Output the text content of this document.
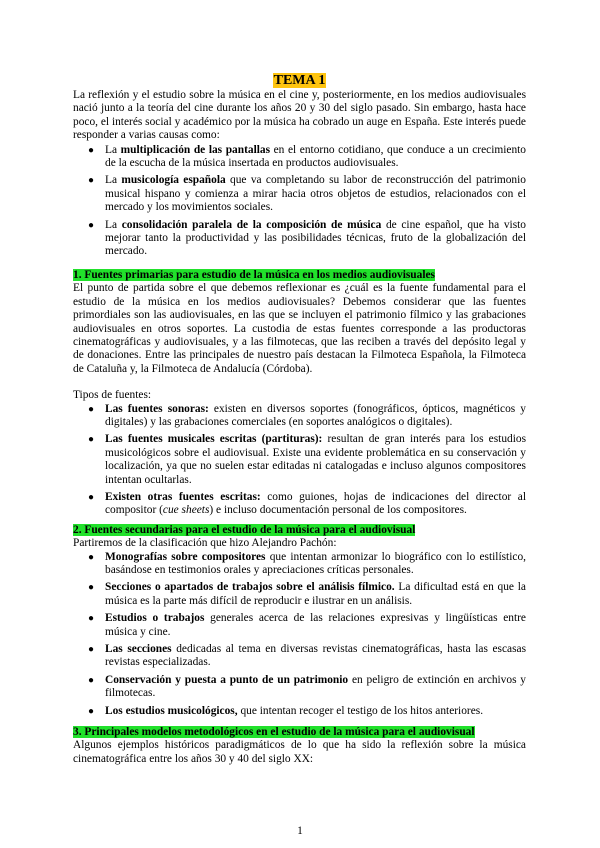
TEMA 1

La reflexión y el estudio sobre la música en el cine y, posteriormente, en los medios audiovisuales nació junto a la teoría del cine durante los años 20 y 30 del siglo pasado. Sin embargo, hasta hace poco, el interés social y académico por la música ha cobrado un auge en España. Este interés puede responder a varias causas como:

● La multiplicación de las pantallas en el entorno cotidiano, que conduce a un crecimiento de la escucha de la música insertada en productos audiovisuales.
● La musicología española que va completando su labor de reconstrucción del patrimonio musical hispano y comienza a mirar hacia otros objetos de estudios, relacionados con el mercado y los movimientos sociales.
● La consolidación paralela de la composición de música de cine español, que ha visto mejorar tanto la productividad y las posibilidades técnicas, fruto de la globalización del mercado.
1. Fuentes primarias para estudio de la música en los medios audiovisuales

El punto de partida sobre el que debemos reflexionar es ¿cuál es la fuente fundamental para el estudio de la música en los medios audiovisuales? Debemos considerar que las fuentes primordiales son las audiovisuales, en las que se incluyen el patrimonio fílmico y las grabaciones audiovisuales en otros soportes. La custodia de estas fuentes corresponde a las productoras cinematográficas y audiovisuales, y a las filmotecas, que las reciben a través del depósito legal y de donaciones. Entre las principales de nuestro país destacan la Filmoteca Española, la Filmoteca de Cataluña y, la Filmoteca de Andalucía (Córdoba).

Tipos de fuentes:

● Las fuentes sonoras: existen en diversos soportes (fonográficos, ópticos, magnéticos y digitales) y las grabaciones comerciales (en soportes analógicos o digitales).
● Las fuentes musicales escritas (partituras): resultan de gran interés para los estudios musicológicos sobre el audiovisual. Existe una evidente problemática en su conservación y localización, ya que no suelen estar editadas ni catalogadas e incluso algunos compositores intentan ocultarlas.
● Existen otras fuentes escritas: como guiones, hojas de indicaciones del director al compositor (cue sheets) e incluso documentación personal de los compositores.
2. Fuentes secundarias para el estudio de la música para el audiovisual

Partiremos de la clasificación que hizo Alejandro Pachón:

● Monografías sobre compositores que intentan armonizar lo biográfico con lo estilístico, basándose en testimonios orales y apreciaciones críticas personales.
● Secciones o apartados de trabajos sobre el análisis fílmico. La dificultad está en que la música es la parte más difícil de reproducir e ilustrar en un análisis.
● Estudios o trabajos generales acerca de las relaciones expresivas y lingüísticas entre música y cine.
● Las secciones dedicadas al tema en diversas revistas cinematográficas, hasta las escasas revistas especializadas.
● Conservación y puesta a punto de un patrimonio en peligro de extinción en archivos y filmotecas.
● Los estudios musicológicos, que intentan recoger el testigo de los hitos anteriores.
3. Principales modelos metodológicos en el estudio de la música para el audiovisual

Algunos ejemplos históricos paradigmáticos de lo que ha sido la reflexión sobre la música cinematográfica entre los años 30 y 40 del siglo XX:

1
